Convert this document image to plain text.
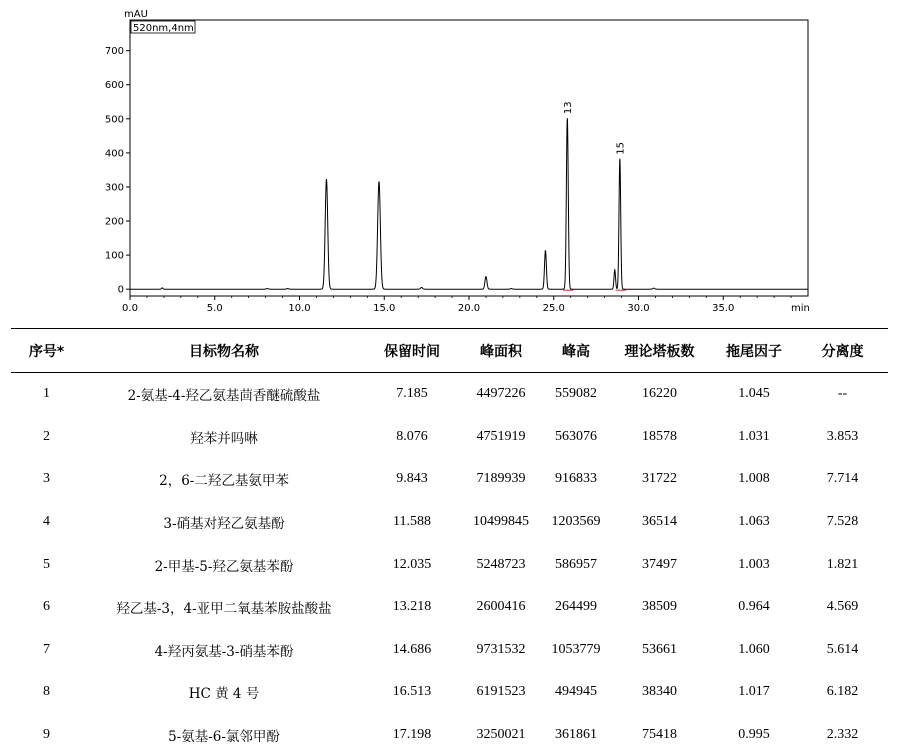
mAU
520nm,4nm
min
0
100
200
300
400
500
600
700
0.0	5.0	10.0	15.0	20.0	25.0	30.0	35.0
13
15
序号*	目标物名称	保留时间	峰面积	峰高	理论塔板数	拖尾因子	分离度
1	2-氨基-4-羟乙氨基茴香醚硫酸盐	7.185	4497226	559082	16220	1.045	--
2	羟苯并吗啉	8.076	4751919	563076	18578	1.031	3.853
3	2，6-二羟乙基氨甲苯	9.843	7189939	916833	31722	1.008	7.714
4	3-硝基对羟乙氨基酚	11.588	10499845	1203569	36514	1.063	7.528
5	2-甲基-5-羟乙氨基苯酚	12.035	5248723	586957	37497	1.003	1.821
6	羟乙基-3，4-亚甲二氧基苯胺盐酸盐	13.218	2600416	264499	38509	0.964	4.569
7	4-羟丙氨基-3-硝基苯酚	14.686	9731532	1053779	53661	1.060	5.614
8	HC 黄 4 号	16.513	6191523	494945	38340	1.017	6.182
9	5-氨基-6-氯邻甲酚	17.198	3250021	361861	75418	0.995	2.332
